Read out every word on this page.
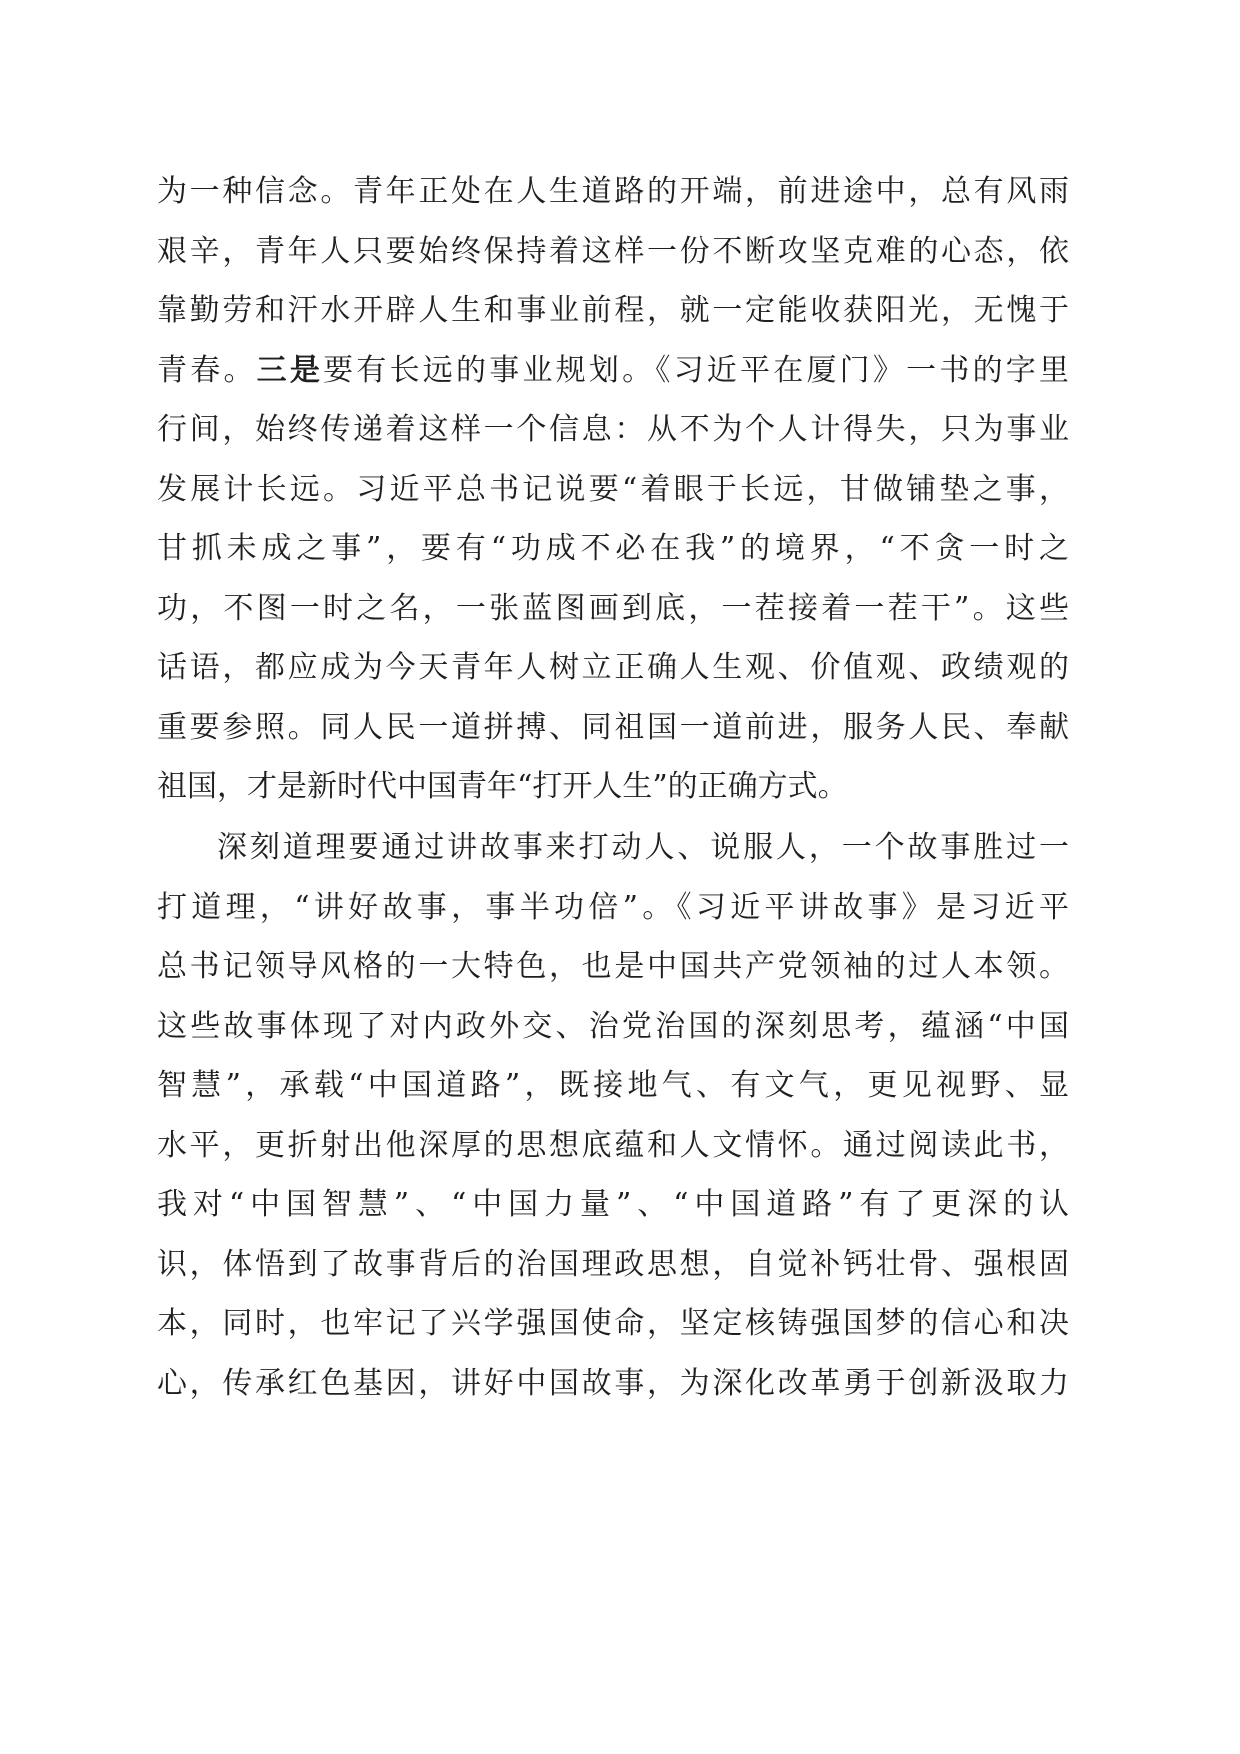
为一种信念。青年正处在人生道路的开端，前进途中，总有风雨
艰辛，青年人只要始终保持着这样一份不断攻坚克难的心态，依
靠勤劳和汗水开辟人生和事业前程，就一定能收获阳光，无愧于
青春。三是要有长远的事业规划。《习近平在厦门》一书的字里
行间，始终传递着这样一个信息：从不为个人计得失，只为事业
发展计长远。习近平总书记说要“着眼于长远，甘做铺垫之事，
甘抓未成之事”，要有“功成不必在我”的境界，“不贪一时之
功，不图一时之名，一张蓝图画到底，一茬接着一茬干”。这些
话语，都应成为今天青年人树立正确人生观、价值观、政绩观的
重要参照。同人民一道拼搏、同祖国一道前进，服务人民、奉献
祖国，才是新时代中国青年“打开人生”的正确方式。
深刻道理要通过讲故事来打动人、说服人，一个故事胜过一
打道理，“讲好故事，事半功倍”。《习近平讲故事》是习近平
总书记领导风格的一大特色，也是中国共产党领袖的过人本领。
这些故事体现了对内政外交、治党治国的深刻思考，蕴涵“中国
智慧”，承载“中国道路”，既接地气、有文气，更见视野、显
水平，更折射出他深厚的思想底蕴和人文情怀。通过阅读此书，
我对“中国智慧”、“中国力量”、“中国道路”有了更深的认
识，体悟到了故事背后的治国理政思想，自觉补钙壮骨、强根固
本，同时，也牢记了兴学强国使命，坚定核铸强国梦的信心和决
心，传承红色基因，讲好中国故事，为深化改革勇于创新汲取力
